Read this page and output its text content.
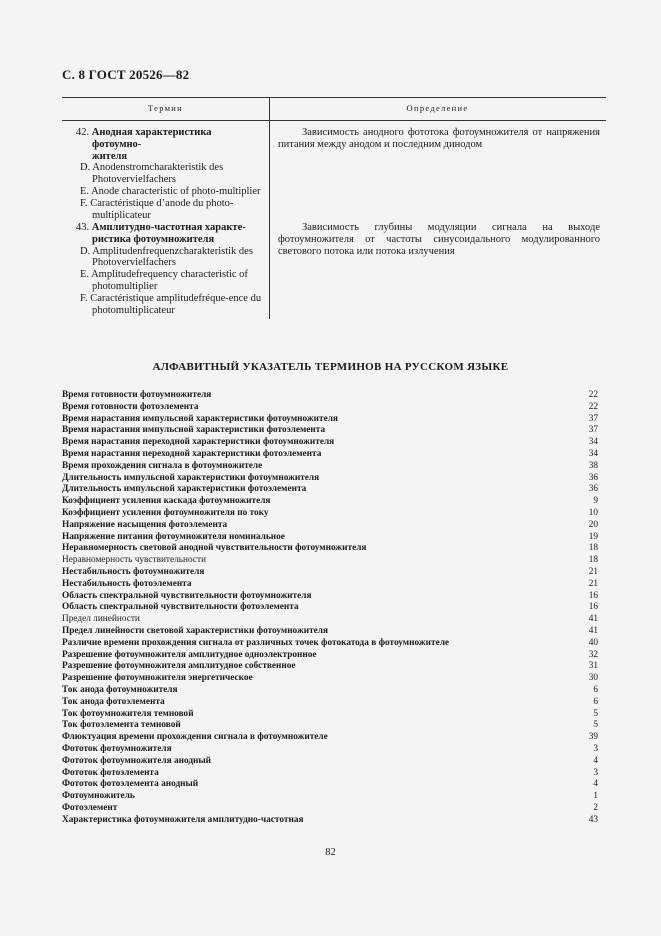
С. 8 ГОСТ 20526—82
Термин	Определение
42. Анодная характеристика фотоумно-
жителя
D. Anodenstromcharakteristik des Photovervielfachers
E. Anode characteristic of photo-multiplier
F. Caractéristique d’anode du photo-multiplicateur
Зависимость анодного фототока фотоумножителя от напряжения питания между анодом и последним динодом
43. Амплитудно-частотная характе-
ристика фотоумножителя
D. Amplitudenfrequenzcharakteristik des Photovervielfachers
E. Amplitudefrequency characteristic of photomultiplier
F. Caractéristique amplitudefréque-ence du photomultiplicateur
Зависимость глубины модуляции сигнала на выходе фотоумножителя от частоты синусоидального модулированного светового потока или потока излучения
АЛФАВИТНЫЙ УКАЗАТЕЛЬ ТЕРМИНОВ НА РУССКОМ ЯЗЫКЕ
Время готовности фотоумножителя	22
Время готовности фотоэлемента	22
Время нарастания импульсной характеристики фотоумножителя	37
Время нарастания импульсной характеристики фотоэлемента	37
Время нарастания переходной характеристики фотоумножителя	34
Время нарастания переходной характеристики фотоэлемента	34
Время прохождения сигнала в фотоумножителе	38
Длительность импульсной характеристики фотоумножителя	36
Длительность импульсной характеристики фотоэлемента	36
Коэффициент усиления каскада фотоумножителя	9
Коэффициент усиления фотоумножителя по току	10
Напряжение насыщения фотоэлемента	20
Напряжение питания фотоумножителя номинальное	19
Неравномерность световой анодной чувствительности фотоумножителя	18
Неравномерность чувствительности	18
Нестабильность фотоумножителя	21
Нестабильность фотоэлемента	21
Область спектральной чувствительности фотоумножителя	16
Область спектральной чувствительности фотоэлемента	16
Предел линейности	41
Предел линейности световой характеристики фотоумножителя	41
Различие времени прохождения сигнала от различных точек фотокатода в фотоумножителе	40
Разрешение фотоумножителя амплитудное одноэлектронное	32
Разрешение фотоумножителя амплитудное собственное	31
Разрешение фотоумножителя энергетическое	30
Ток анода фотоумножителя	6
Ток анода фотоэлемента	6
Ток фотоумножителя темновой	5
Ток фотоэлемента темновой	5
Флюктуация времени прохождения сигнала в фотоумножителе	39
Фототок фотоумножителя	3
Фототок фотоумножителя анодный	4
Фототок фотоэлемента	3
Фототок фотоэлемента анодный	4
Фотоумножитель	1
Фотоэлемент	2
Характеристика фотоумножителя амплитудно-частотная	43
82
